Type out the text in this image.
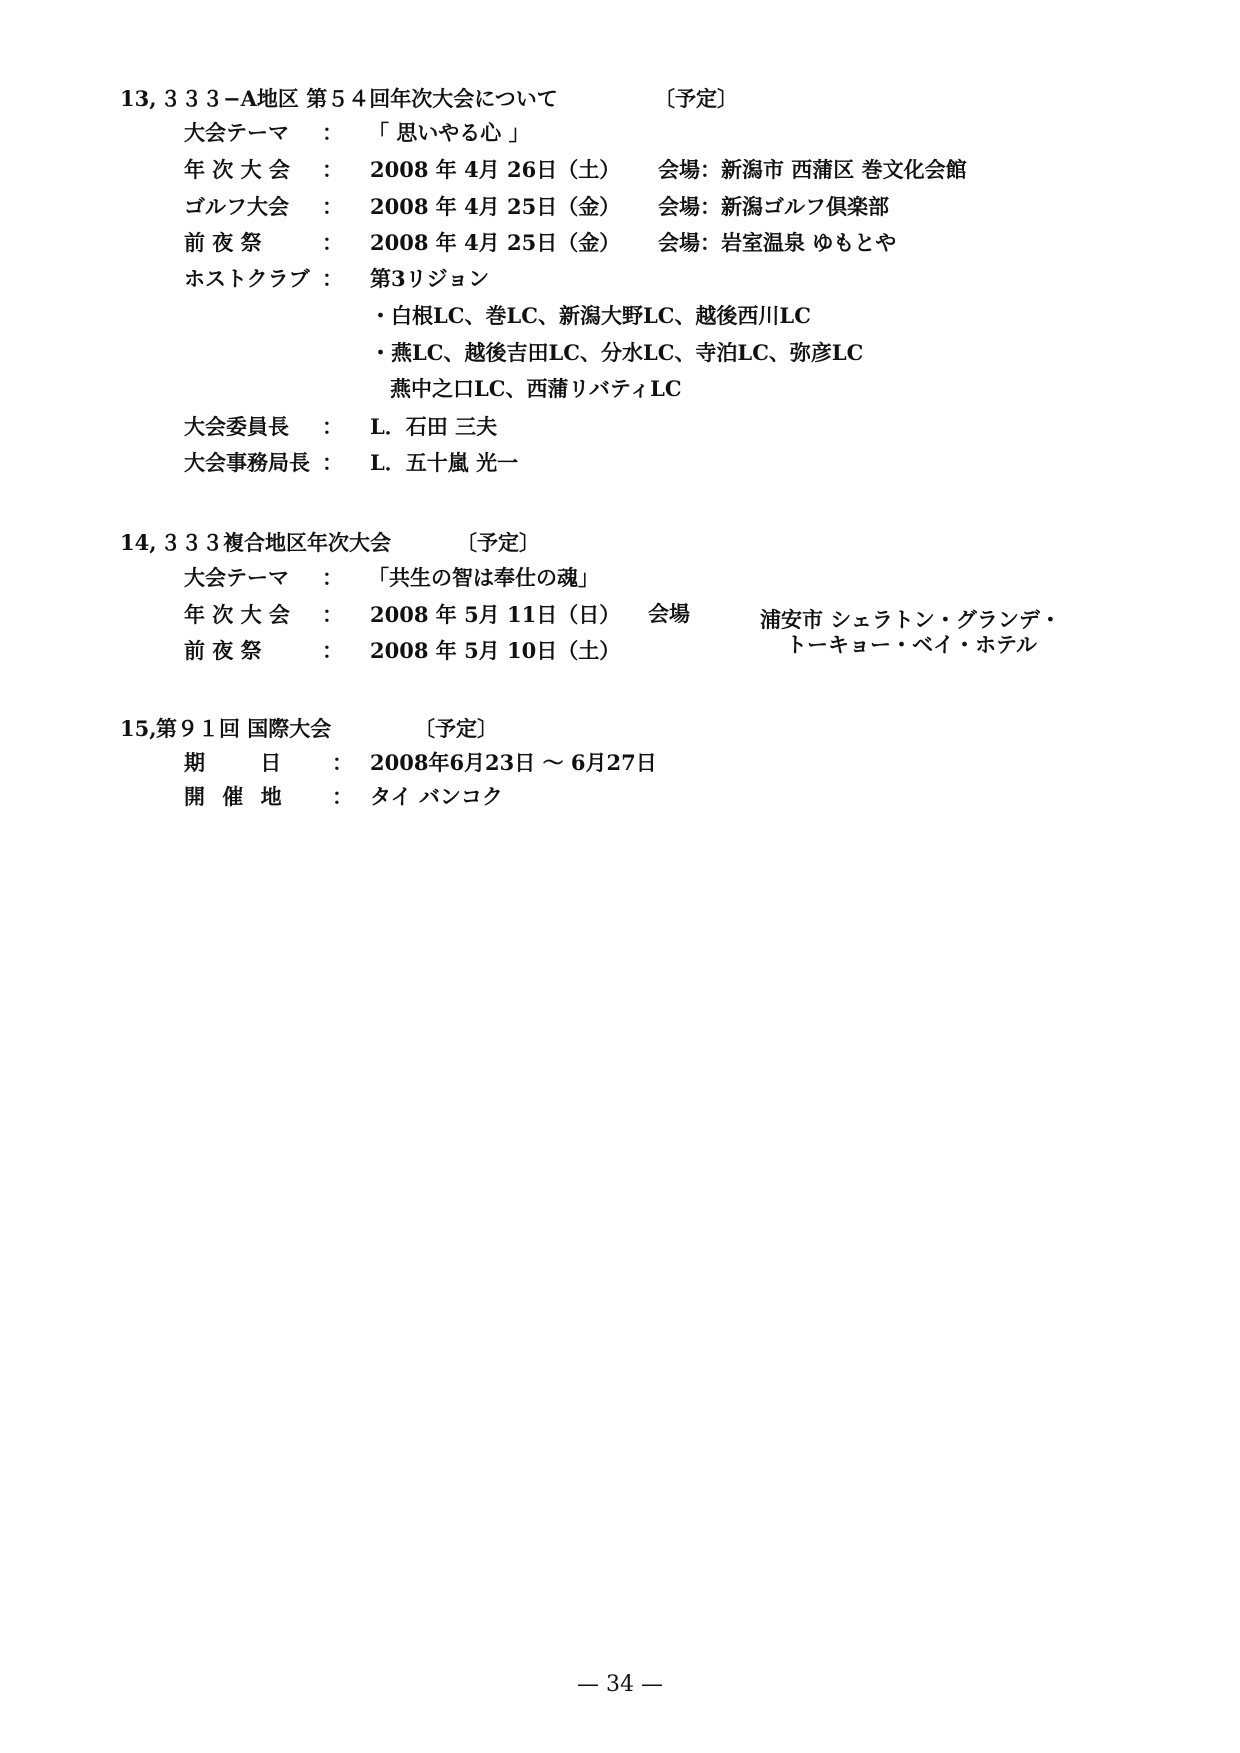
13, ３３３−A地区 第５４回年次大会について	〔予定〕
大会テーマ ： 「 思いやる心 」
年 次 大 会 ： 2008 年 4月 26日（土） 会場：新潟市 西蒲区 巻文化会館
ゴルフ大会 ： 2008 年 4月 25日（金） 会場：新潟ゴルフ倶楽部
前 夜 祭	： 2008 年 4月 25日（金） 会場：岩室温泉 ゆもとや
ホストクラブ ： 第3リジョン
・白根LC、巻LC、新潟大野LC、越後西川LC
・燕LC、越後吉田LC、分水LC、寺泊LC、弥彦LC
燕中之口LC、西蒲リバティLC
大会委員長 ： L．石田 三夫
大会事務局長 ： L．五十嵐 光一
14, ３３３複合地区年次大会	〔予定〕
大会テーマ ： 「共生の智は奉仕の魂」
年 次 大 会 ： 2008 年 5月 11日（日） 会場	浦安市 シェラトン・グランデ・
トーキョー・ベイ・ホテル
前 夜 祭	： 2008 年 5月 10日（土）
15, 第９１回 国際大会	〔予定〕
期 日 ： 2008年6月23日 〜 6月27日
開 催 地 ： タイ バンコク
— 34 —
